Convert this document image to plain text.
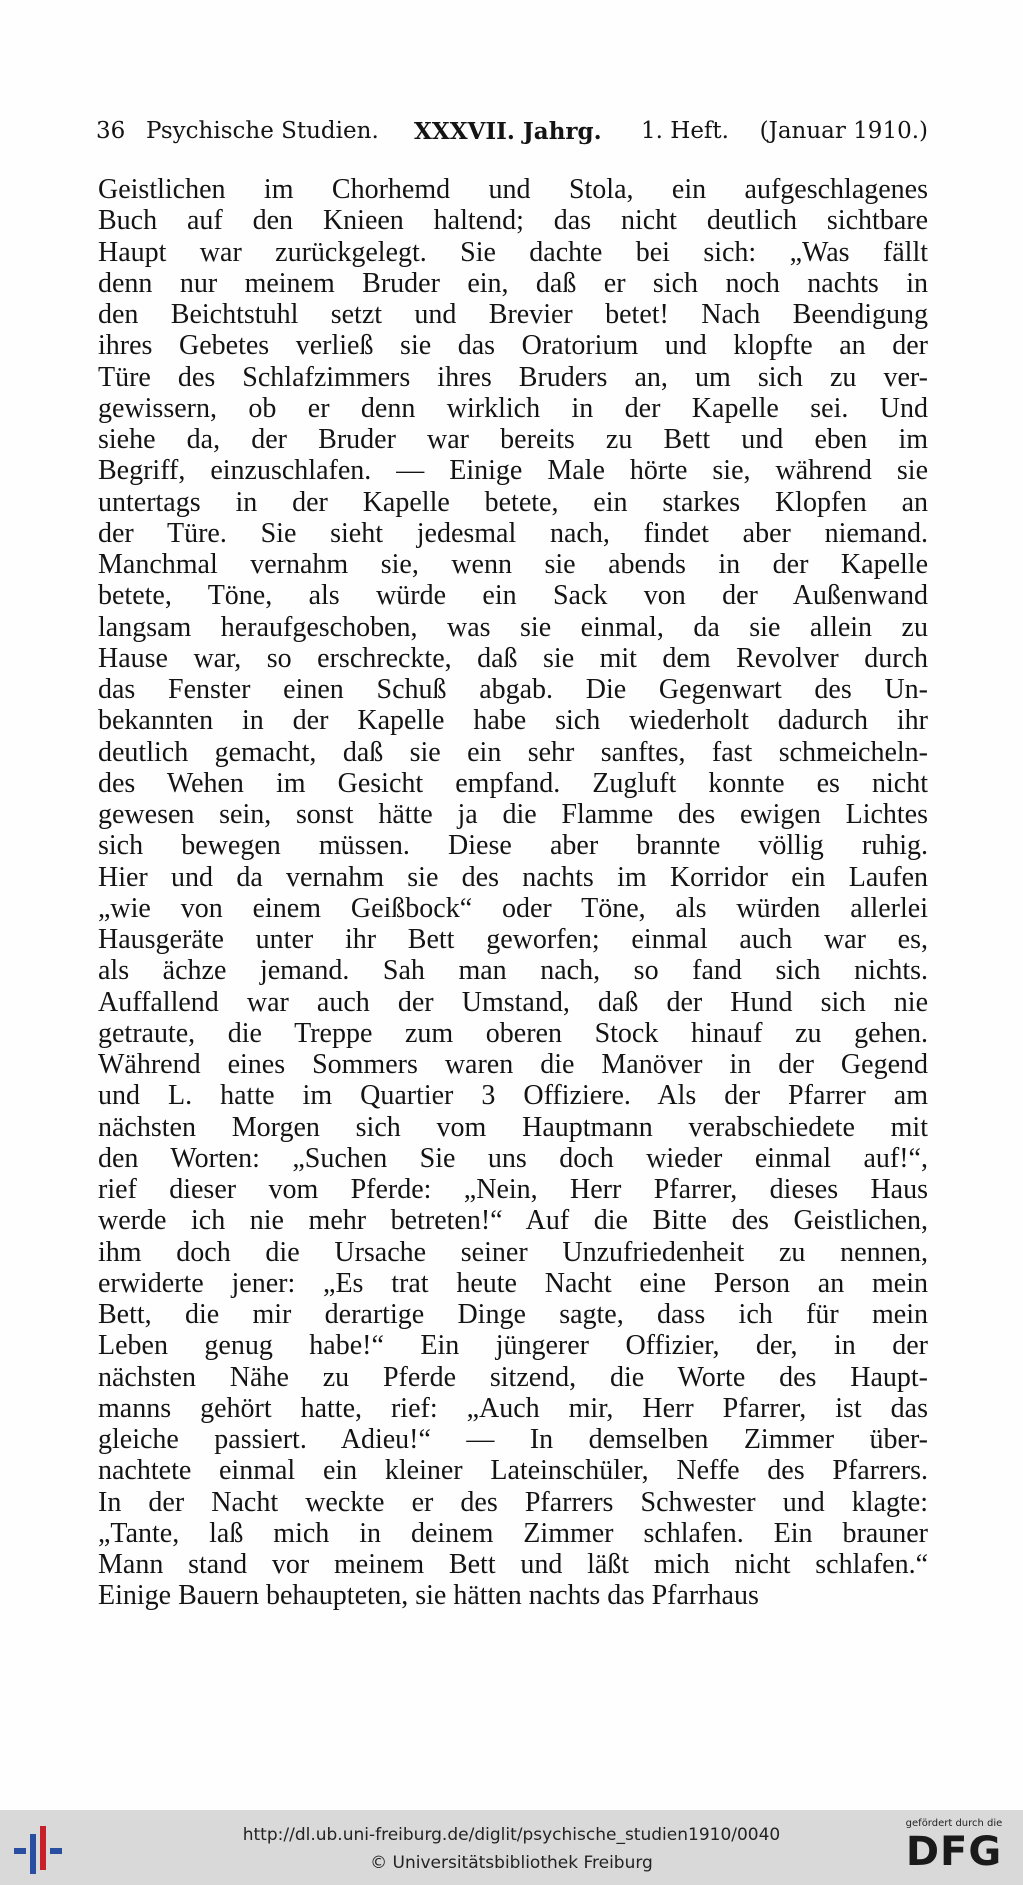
36 Psychische Studien. XXXVII. Jahrg. 1. Heft. (Januar 1910.)
Geistlichen im Chorhemd und Stola, ein aufgeschlagenes
Buch auf den Knieen haltend; das nicht deutlich sichtbare
Haupt war zurückgelegt. Sie dachte bei sich: „Was fällt
denn nur meinem Bruder ein, daß er sich noch nachts in
den Beichtstuhl setzt und Brevier betet! Nach Beendigung
ihres Gebetes verließ sie das Oratorium und klopfte an der
Türe des Schlafzimmers ihres Bruders an, um sich zu ver-
gewissern, ob er denn wirklich in der Kapelle sei. Und
siehe da, der Bruder war bereits zu Bett und eben im
Begriff, einzuschlafen. — Einige Male hörte sie, während sie
untertags in der Kapelle betete, ein starkes Klopfen an
der Türe. Sie sieht jedesmal nach, findet aber niemand.
Manchmal vernahm sie, wenn sie abends in der Kapelle
betete, Töne, als würde ein Sack von der Außenwand
langsam heraufgeschoben, was sie einmal, da sie allein zu
Hause war, so erschreckte, daß sie mit dem Revolver durch
das Fenster einen Schuß abgab. Die Gegenwart des Un-
bekannten in der Kapelle habe sich wiederholt dadurch ihr
deutlich gemacht, daß sie ein sehr sanftes, fast schmeicheln-
des Wehen im Gesicht empfand. Zugluft konnte es nicht
gewesen sein, sonst hätte ja die Flamme des ewigen Lichtes
sich bewegen müssen. Diese aber brannte völlig ruhig.
Hier und da vernahm sie des nachts im Korridor ein Laufen
„wie von einem Geißbock“ oder Töne, als würden allerlei
Hausgeräte unter ihr Bett geworfen; einmal auch war es,
als ächze jemand. Sah man nach, so fand sich nichts.
Auffallend war auch der Umstand, daß der Hund sich nie
getraute, die Treppe zum oberen Stock hinauf zu gehen.
Während eines Sommers waren die Manöver in der Gegend
und L. hatte im Quartier 3 Offiziere. Als der Pfarrer am
nächsten Morgen sich vom Hauptmann verabschiedete mit
den Worten: „Suchen Sie uns doch wieder einmal auf!“,
rief dieser vom Pferde: „Nein, Herr Pfarrer, dieses Haus
werde ich nie mehr betreten!“ Auf die Bitte des Geistlichen,
ihm doch die Ursache seiner Unzufriedenheit zu nennen,
erwiderte jener: „Es trat heute Nacht eine Person an mein
Bett, die mir derartige Dinge sagte, dass ich für mein
Leben genug habe!“ Ein jüngerer Offizier, der, in der
nächsten Nähe zu Pferde sitzend, die Worte des Haupt-
manns gehört hatte, rief: „Auch mir, Herr Pfarrer, ist das
gleiche passiert. Adieu!“ — In demselben Zimmer über-
nachtete einmal ein kleiner Lateinschüler, Neffe des Pfarrers.
In der Nacht weckte er des Pfarrers Schwester und klagte:
„Tante, laß mich in deinem Zimmer schlafen. Ein brauner
Mann stand vor meinem Bett und läßt mich nicht schlafen.“
Einige Bauern behaupteten, sie hätten nachts das Pfarrhaus
http://dl.ub.uni-freiburg.de/diglit/psychische_studien1910/0040
© Universitätsbibliothek Freiburg
gefördert durch die
DFG
